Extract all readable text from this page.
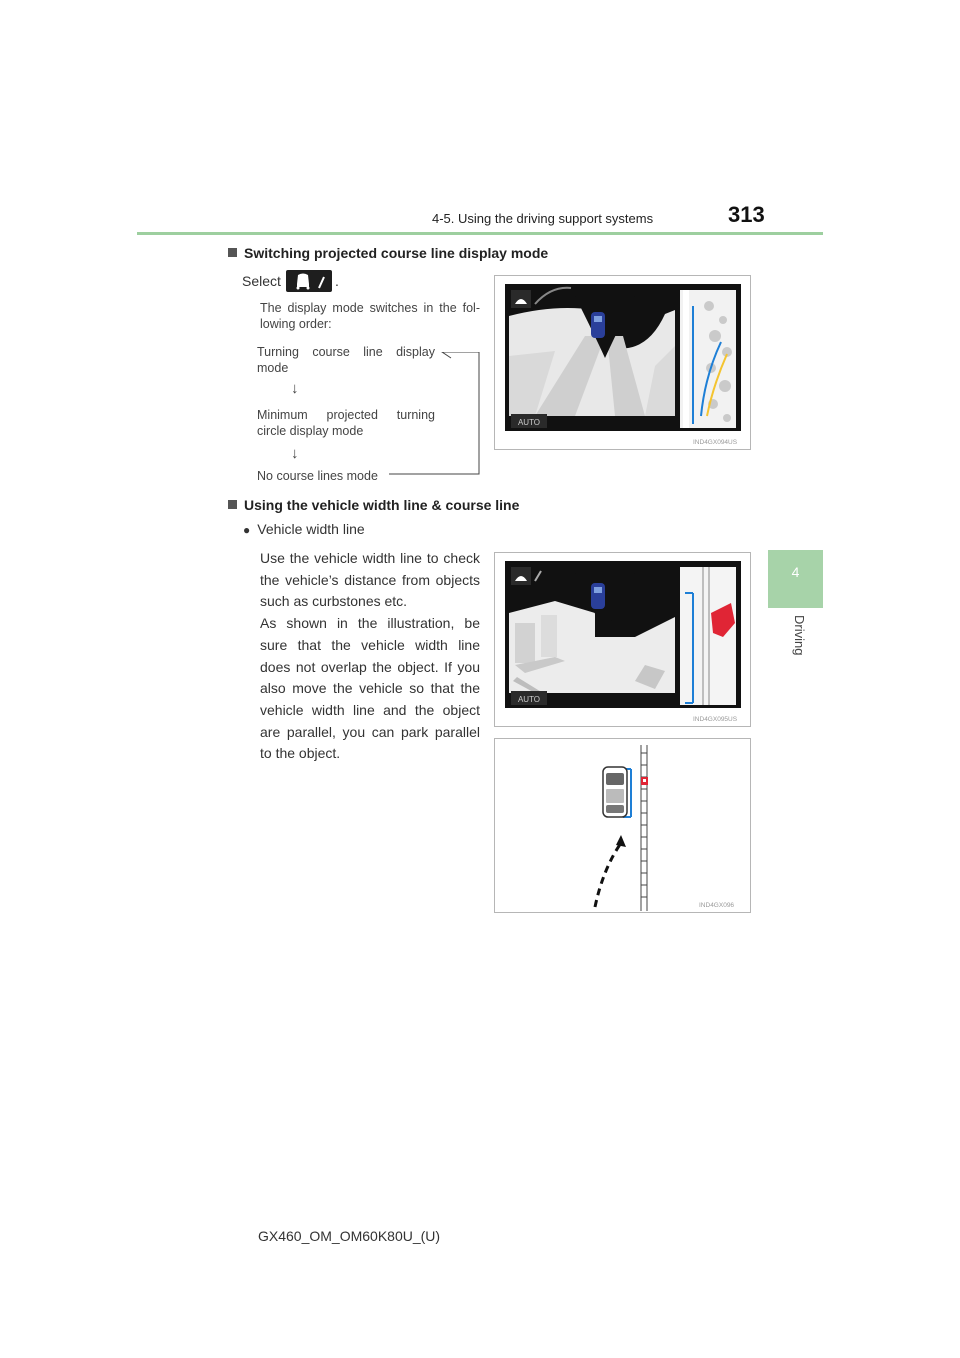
4-5. Using the driving support systems	313
4
Driving
Switching projected course line display mode
Select	.
The display mode switches in the fol-
lowing order:
Turning course line display
mode
↓
Minimum projected turning
circle display mode
↓
No course lines mode
AUTO
IND4GX094US
Using the vehicle width line & course line
● Vehicle width line

Use the vehicle width line to check the vehicle’s distance from objects such as curbstones etc.

As shown in the illustration, be sure that the vehicle width line does not overlap the object. If you also move the vehicle so that the vehicle width line and the object are parallel, you can park parallel to the object.

AUTO
IND4GX095US
IND4GX096
GX460_OM_OM60K80U_(U)
